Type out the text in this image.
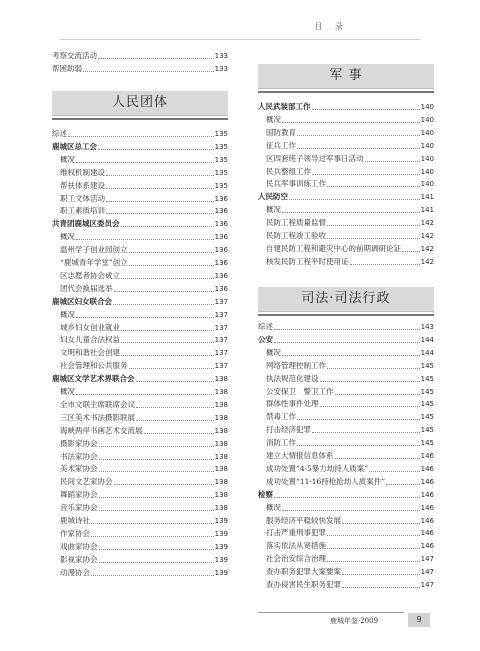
目 录
考察交流活动	133
帮困助弱	133
人民团体
综述	135
鹿城区总工会	135
概况	135
维权机制建设	135
帮扶体系建设	135
职工文体活动	136
职工素质培训	136
共青团鹿城区委员会	136
概况	136
温州学子创业园创立	136
“鹿城青年学堂”创立	136
区志愿者协会成立	136
团代会换届选举	136
鹿城区妇女联合会	137
概况	137
城乡妇女创业就业	137
妇女儿童合法权益	137
文明和谐社会创建	137
社会管理和公共服务	137
鹿城区文学艺术界联合会	138
概况	138
全市文联主席联席会议	138
三区美术书法摄影联展	138
海峡两岸书画艺术交流展	138
摄影家协会	138
书法家协会	138
美术家协会	138
民间文艺家协会	138
舞蹈家协会	138
音乐家协会	138
鹿城诗社	139
作家协会	139
戏曲家协会	139
影视家协会	139
动漫协会	139
军 事
人民武装部工作	140
概况	140
国防教育	140
征兵工作	140
区四套班子领导过军事日活动	140
民兵整组工作	140
民兵军事训练工作	140
人民防空	141
概况	141
民防工程质量监督	142
民防工程竣工验收	142
自建民防工程和避灾中心的前期调研论证	142
核发民防工程平时使用证	142
司法·司法行政
综述	143
公安	144
概况	144
网络管理控制工作	145
执法规范化建设	145
公安保卫　警卫工作	145
群体性事件处理	145
禁毒工作	145
打击经济犯罪	145
消防工作	145
建立大情报信息体系	146
成功处置“4·5暴力劫持人质案”	146
成功处置“11·16持枪抢劫人质案件”	146
检察	146
概况	146
服务经济平稳较快发展	146
打击严重刑事犯罪	146
落实依法从宽措施	146
社会治安综合治理	147
查办职务犯罪大案要案	147
查办侵害民生职务犯罪	147
鹿城年鉴·2009	9
